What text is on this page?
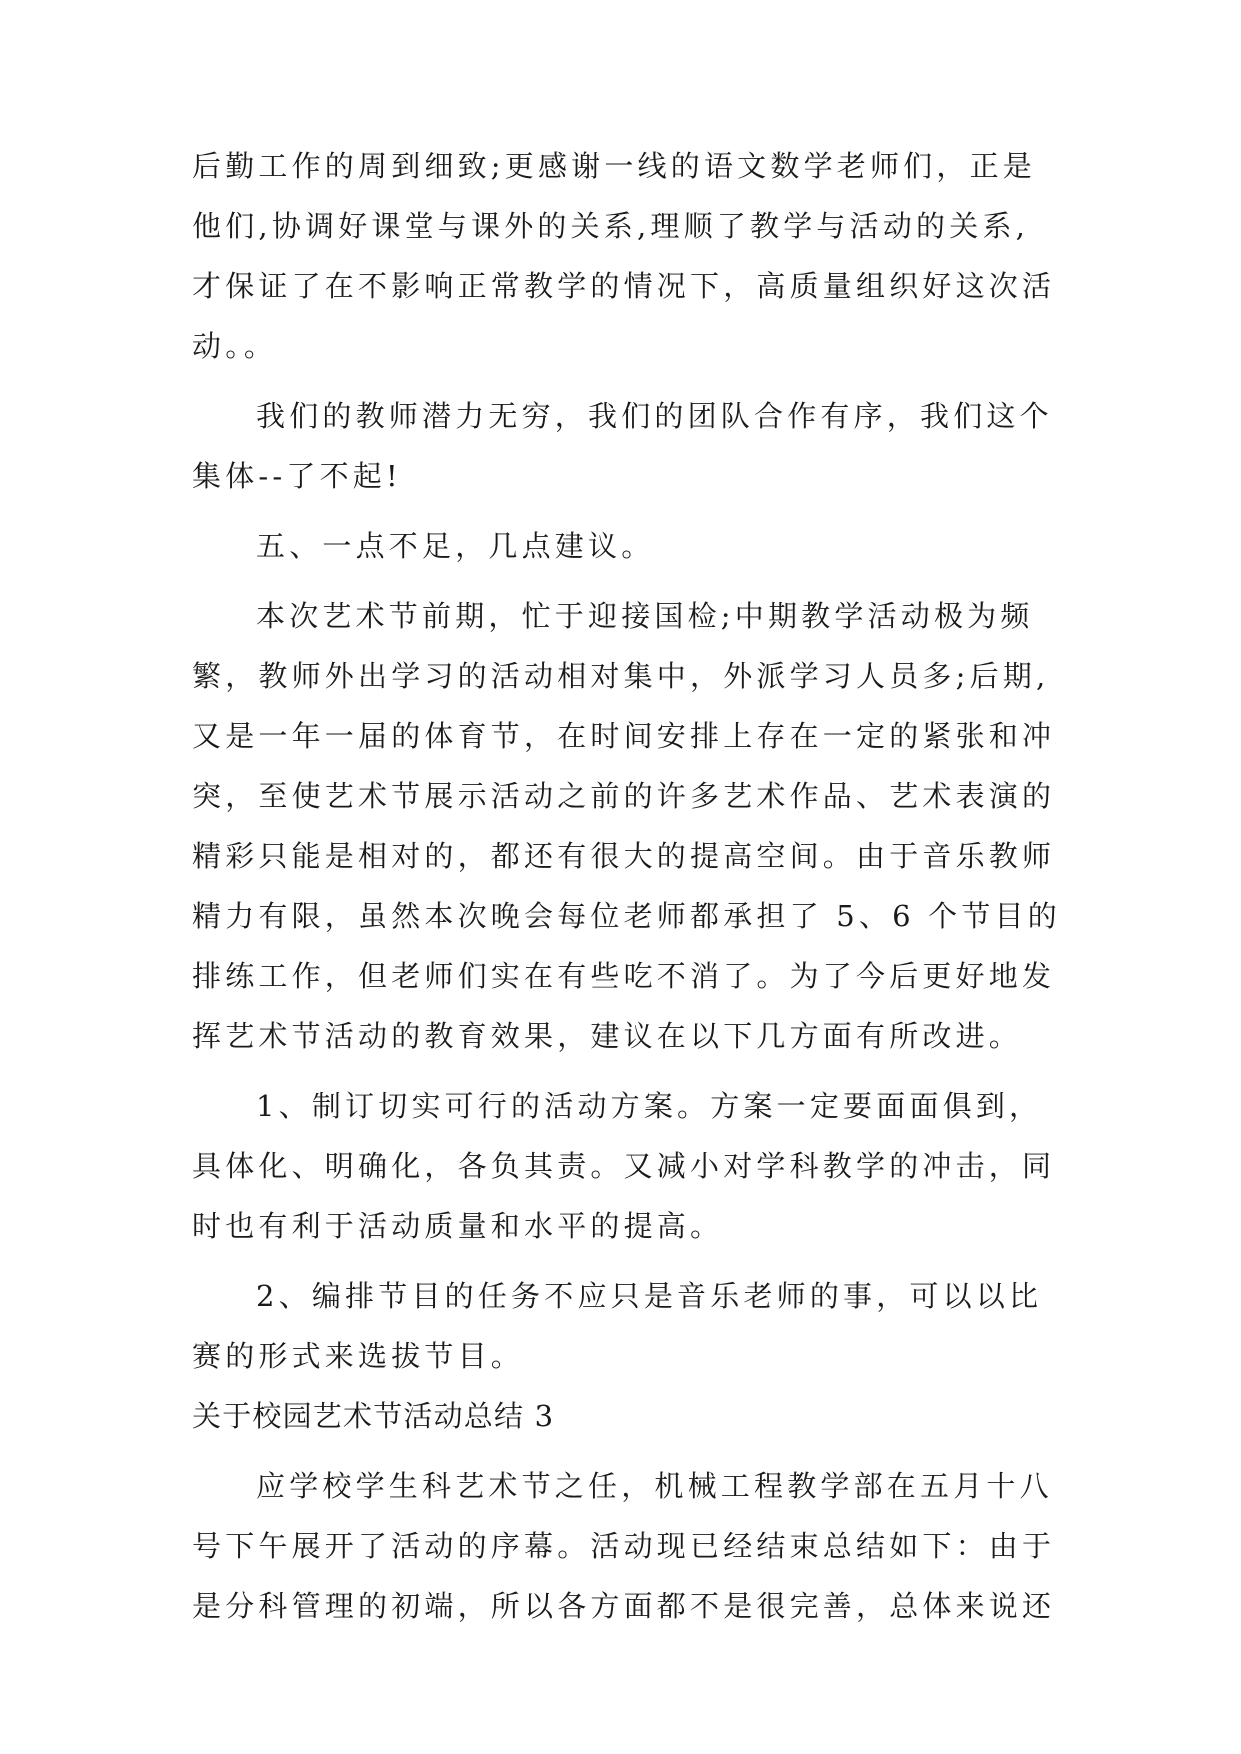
后勤工作的周到细致;更感谢一线的语文数学老师们，正是
他们,协调好课堂与课外的关系,理顺了教学与活动的关系,
才保证了在不影响正常教学的情况下，高质量组织好这次活
动。。
我们的教师潜力无穷，我们的团队合作有序，我们这个
集体--了不起!
五、一点不足，几点建议。
本次艺术节前期，忙于迎接国检;中期教学活动极为频
繁，教师外出学习的活动相对集中，外派学习人员多;后期,
又是一年一届的体育节，在时间安排上存在一定的紧张和冲
突，至使艺术节展示活动之前的许多艺术作品、艺术表演的
精彩只能是相对的，都还有很大的提高空间。由于音乐教师
精力有限，虽然本次晚会每位老师都承担了 5、6 个节目的
排练工作，但老师们实在有些吃不消了。为了今后更好地发
挥艺术节活动的教育效果，建议在以下几方面有所改进。
1、制订切实可行的活动方案。方案一定要面面俱到，
具体化、明确化，各负其责。又减小对学科教学的冲击，同
时也有利于活动质量和水平的提高。
2、编排节目的任务不应只是音乐老师的事，可以以比
赛的形式来选拔节目。
关于校园艺术节活动总结 3
应学校学生科艺术节之任，机械工程教学部在五月十八
号下午展开了活动的序幕。活动现已经结束总结如下：由于
是分科管理的初端，所以各方面都不是很完善，总体来说还
